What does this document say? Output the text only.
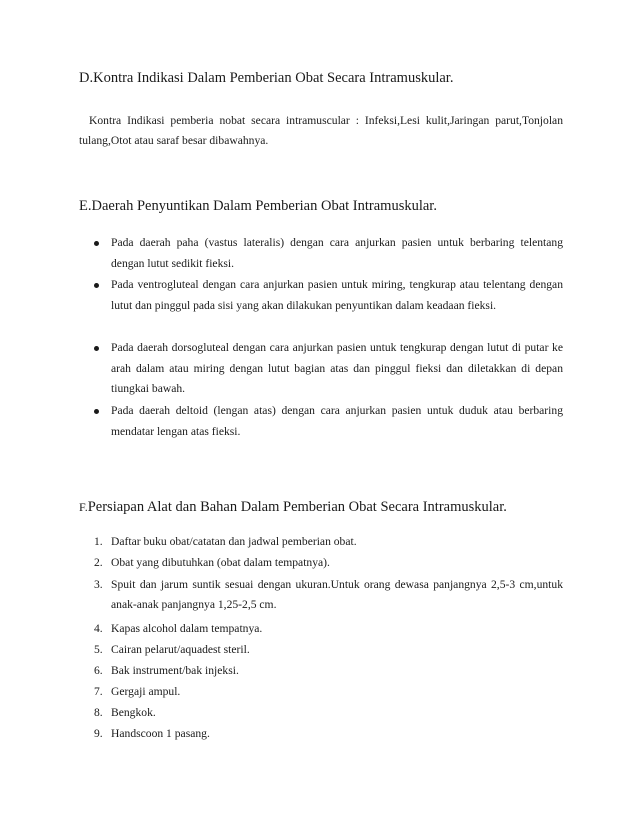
D.Kontra Indikasi Dalam Pemberian Obat Secara Intramuskular.
Kontra Indikasi pemberia nobat secara intramuscular : Infeksi,Lesi kulit,Jaringan parut,Tonjolan tulang,Otot atau saraf besar dibawahnya.
E.Daerah Penyuntikan Dalam Pemberian Obat Intramuskular.
Pada daerah paha (vastus lateralis) dengan cara anjurkan pasien untuk berbaring telentang dengan lutut sedikit fieksi.
Pada ventrogluteal dengan cara anjurkan pasien untuk miring, tengkurap atau telentang dengan lutut dan pinggul pada sisi yang akan dilakukan penyuntikan dalam keadaan fieksi.
Pada daerah dorsogluteal dengan cara anjurkan pasien untuk tengkurap dengan lutut di putar ke arah dalam atau miring dengan lutut bagian atas dan pinggul fieksi dan diletakkan di depan tiungkai bawah.
Pada daerah deltoid (lengan atas) dengan cara anjurkan pasien untuk duduk atau berbaring mendatar lengan atas fieksi.
F.Persiapan Alat dan Bahan Dalam Pemberian Obat Secara Intramuskular.
1. Daftar buku obat/catatan dan jadwal pemberian obat.
2. Obat yang dibutuhkan (obat dalam tempatnya).
3. Spuit dan jarum suntik sesuai dengan ukuran.Untuk orang dewasa panjangnya 2,5-3 cm,untuk anak-anak panjangnya 1,25-2,5 cm.
4. Kapas alcohol dalam tempatnya.
5. Cairan pelarut/aquadest steril.
6. Bak instrument/bak injeksi.
7. Gergaji ampul.
8. Bengkok.
9. Handscoon 1 pasang.
